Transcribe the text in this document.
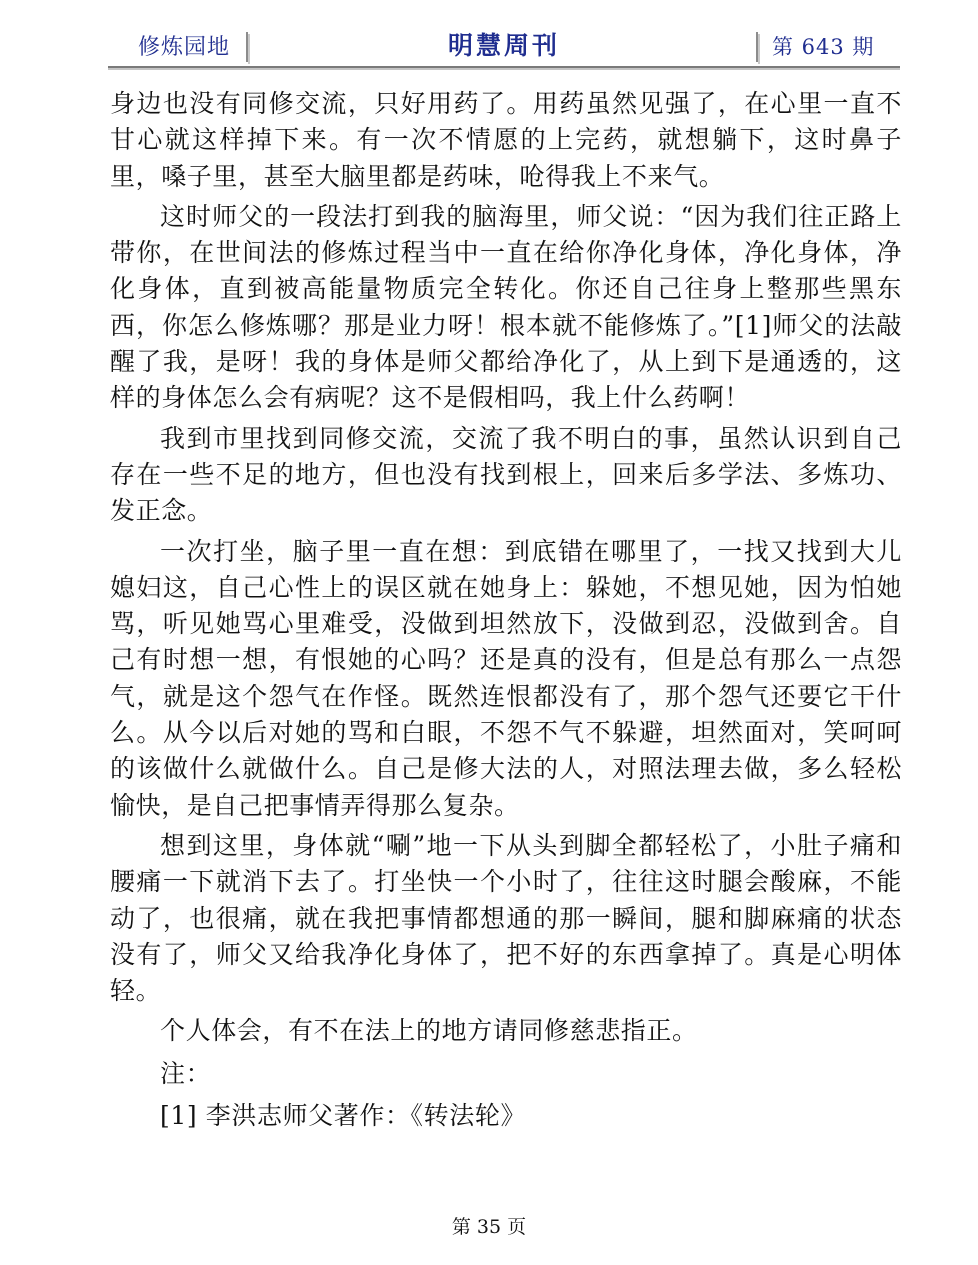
修炼园地	明慧周刊	第 643 期

身边也没有同修交流，只好用药了。用药虽然见强了，在心里一直不甘心就这样掉下来。有一次不情愿的上完药，就想躺下，这时鼻子里，嗓子里，甚至大脑里都是药味，呛得我上不来气。

这时师父的一段法打到我的脑海里，师父说：“因为我们往正路上带你，在世间法的修炼过程当中一直在给你净化身体，净化身体，净化身体，直到被高能量物质完全转化。你还自己往身上整那些黑东西，你怎么修炼哪？那是业力呀！根本就不能修炼了。”[1]师父的法敲醒了我，是呀！我的身体是师父都给净化了，从上到下是通透的，这样的身体怎么会有病呢？这不是假相吗，我上什么药啊！

我到市里找到同修交流，交流了我不明白的事，虽然认识到自己存在一些不足的地方，但也没有找到根上，回来后多学法、多炼功、发正念。

一次打坐，脑子里一直在想：到底错在哪里了，一找又找到大儿媳妇这，自己心性上的误区就在她身上：躲她，不想见她，因为怕她骂，听见她骂心里难受，没做到坦然放下，没做到忍，没做到舍。自己有时想一想，有恨她的心吗？还是真的没有，但是总有那么一点怨气，就是这个怨气在作怪。既然连恨都没有了，那个怨气还要它干什么。从今以后对她的骂和白眼，不怨不气不躲避，坦然面对，笑呵呵的该做什么就做什么。自己是修大法的人，对照法理去做，多么轻松愉快，是自己把事情弄得那么复杂。

想到这里，身体就“唰”地一下从头到脚全都轻松了，小肚子痛和腰痛一下就消下去了。打坐快一个小时了，往往这时腿会酸麻，不能动了，也很痛，就在我把事情都想通的那一瞬间，腿和脚麻痛的状态没有了，师父又给我净化身体了，把不好的东西拿掉了。真是心明体轻。

个人体会，有不在法上的地方请同修慈悲指正。

注：

[1] 李洪志师父著作：《转法轮》

第 35 页
